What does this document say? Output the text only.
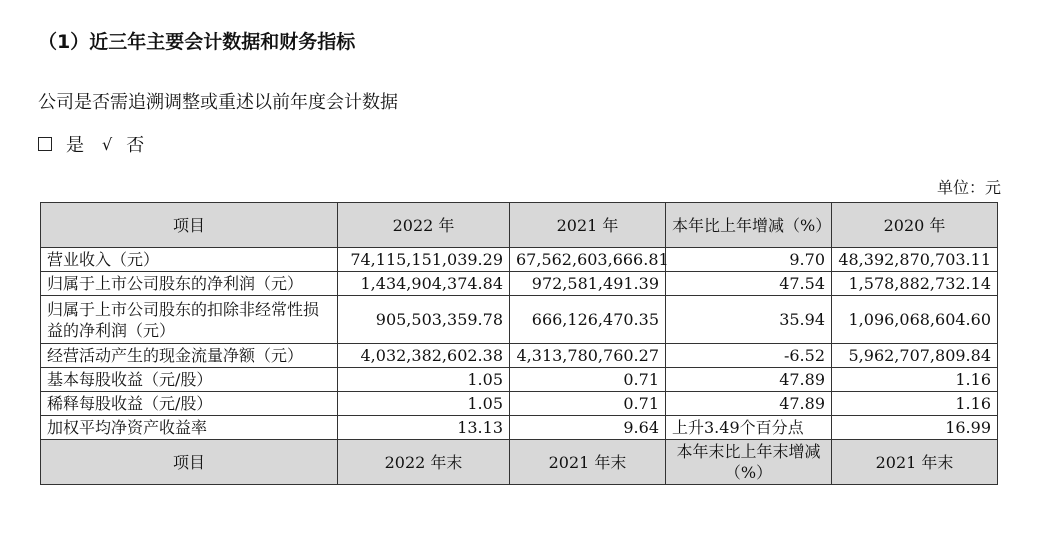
（1）近三年主要会计数据和财务指标
公司是否需追溯调整或重述以前年度会计数据
是 √ 否
单位：元
项目	2022 年	2021 年	本年比上年增减（%）	2020 年
营业收入（元）	74,115,151,039.29	67,562,603,666.81	9.70	48,392,870,703.11
归属于上市公司股东的净利润（元）	1,434,904,374.84	972,581,491.39	47.54	1,578,882,732.14
归属于上市公司股东的扣除非经常性损益的净利润（元）	905,503,359.78	666,126,470.35	35.94	1,096,068,604.60
经营活动产生的现金流量净额（元）	4,032,382,602.38	4,313,780,760.27	-6.52	5,962,707,809.84
基本每股收益（元/股）	1.05	0.71	47.89	1.16
稀释每股收益（元/股）	1.05	0.71	47.89	1.16
加权平均净资产收益率	13.13	9.64	上升3.49个百分点	16.99
项目	2022 年末	2021 年末	本年末比上年末增减（%）	2021 年末
